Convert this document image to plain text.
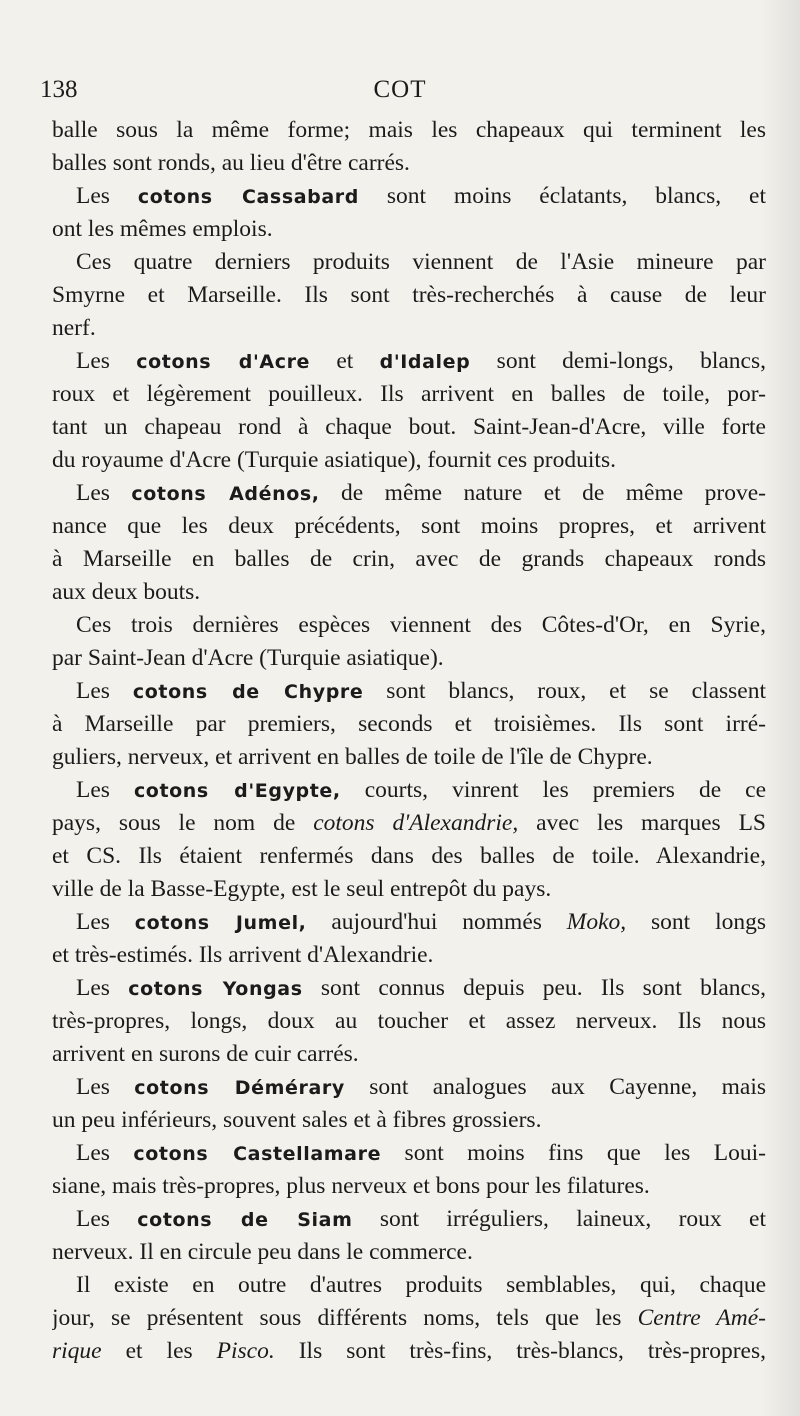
138	COT
balle sous la même forme; mais les chapeaux qui terminent les
balles sont ronds, au lieu d'être carrés.
Les cotons Cassabard sont moins éclatants, blancs, et
ont les mêmes emplois.
Ces quatre derniers produits viennent de l'Asie mineure par
Smyrne et Marseille. Ils sont très-recherchés à cause de leur
nerf.
Les cotons d'Acre et d'Idalep sont demi-longs, blancs,
roux et légèrement pouilleux. Ils arrivent en balles de toile, por-
tant un chapeau rond à chaque bout. Saint-Jean-d'Acre, ville forte
du royaume d'Acre (Turquie asiatique), fournit ces produits.
Les cotons Adénos, de même nature et de même prove-
nance que les deux précédents, sont moins propres, et arrivent
à Marseille en balles de crin, avec de grands chapeaux ronds
aux deux bouts.
Ces trois dernières espèces viennent des Côtes-d'Or, en Syrie,
par Saint-Jean d'Acre (Turquie asiatique).
Les cotons de Chypre sont blancs, roux, et se classent
à Marseille par premiers, seconds et troisièmes. Ils sont irré-
guliers, nerveux, et arrivent en balles de toile de l'île de Chypre.
Les cotons d'Egypte, courts, vinrent les premiers de ce
pays, sous le nom de cotons d'Alexandrie, avec les marques LS
et CS. Ils étaient renfermés dans des balles de toile. Alexandrie,
ville de la Basse-Egypte, est le seul entrepôt du pays.
Les cotons Jumel, aujourd'hui nommés Moko, sont longs
et très-estimés. Ils arrivent d'Alexandrie.
Les cotons Yongas sont connus depuis peu. Ils sont blancs,
très-propres, longs, doux au toucher et assez nerveux. Ils nous
arrivent en surons de cuir carrés.
Les cotons Démérary sont analogues aux Cayenne, mais
un peu inférieurs, souvent sales et à fibres grossiers.
Les cotons Castellamare sont moins fins que les Loui-
siane, mais très-propres, plus nerveux et bons pour les filatures.
Les cotons de Siam sont irréguliers, laineux, roux et
nerveux. Il en circule peu dans le commerce.
Il existe en outre d'autres produits semblables, qui, chaque
jour, se présentent sous différents noms, tels que les Centre Amé-
rique et les Pisco. Ils sont très-fins, très-blancs, très-propres,
